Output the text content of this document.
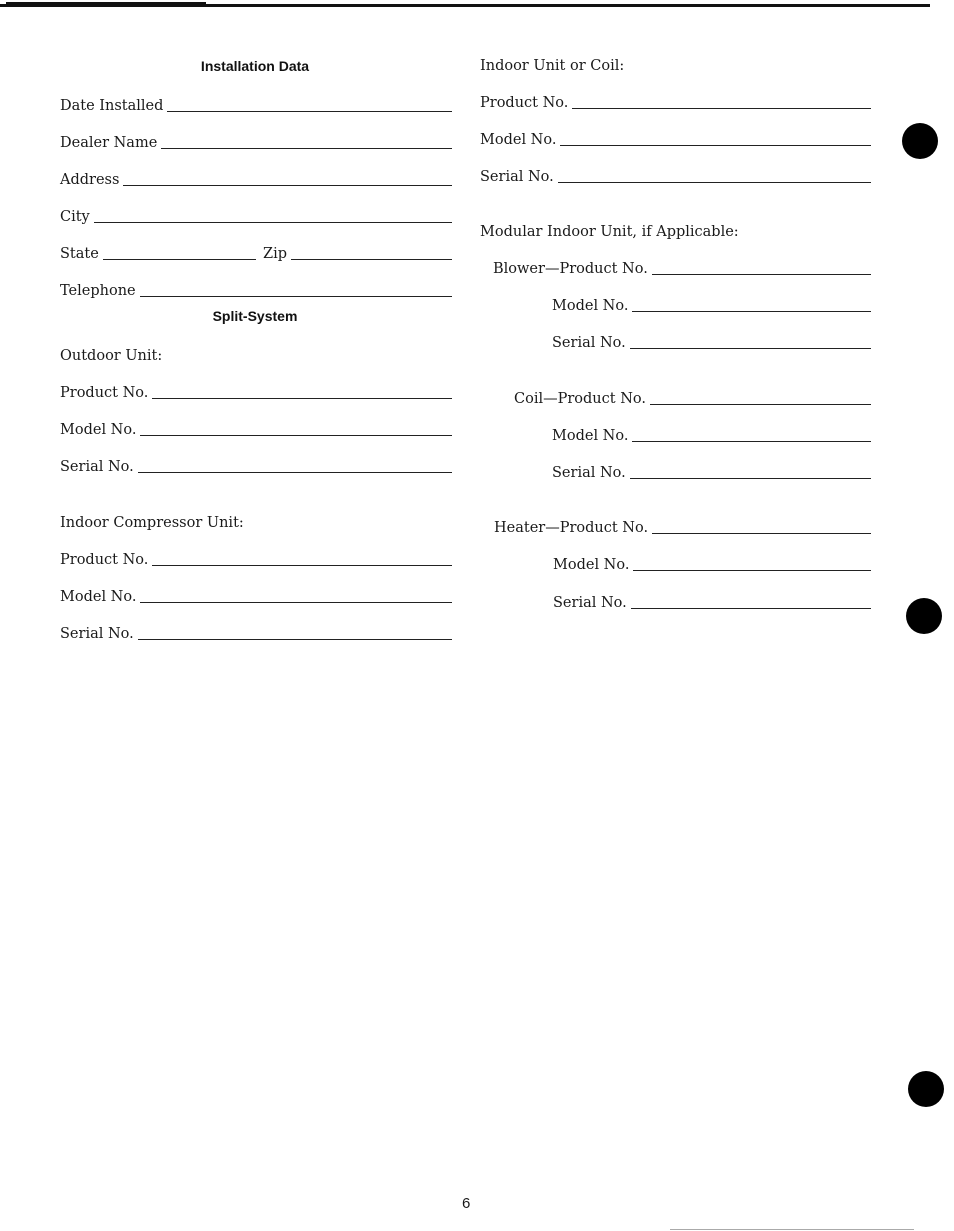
Installation Data
Date Installed
Dealer Name
Address
City
State	Zip
Telephone
Split-System
Outdoor Unit:
Product No.
Model No.
Serial No.
Indoor Compressor Unit:
Product No.
Model No.
Serial No.
Indoor Unit or Coil:
Product No.
Model No.
Serial No.
Modular Indoor Unit, if Applicable:
Blower—Product No.
Model No.
Serial No.
Coil—Product No.
Model No.
Serial No.
Heater—Product No.
Model No.
Serial No.
6
